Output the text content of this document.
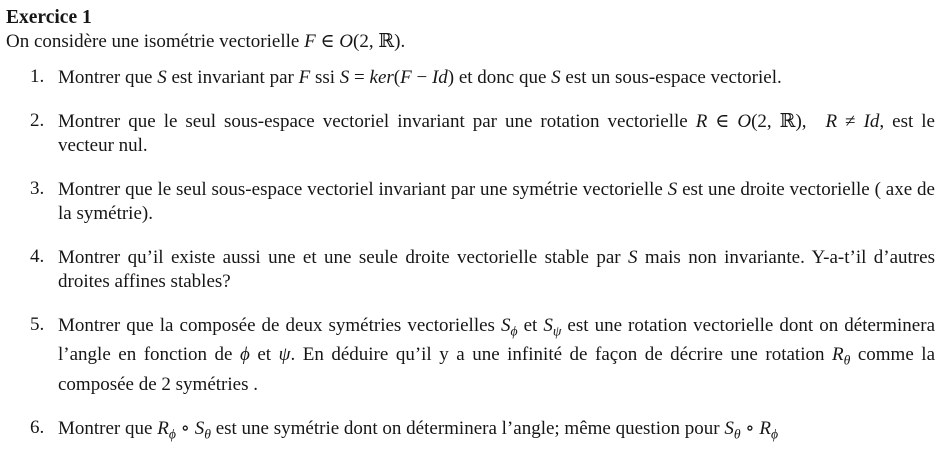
Exercice 1
On considère une isométrie vectorielle F ∈ O(2, ℝ).
1. Montrer que S est invariant par F ssi S = ker(F − Id) et donc que S est un sous-espace vectoriel.
2. Montrer que le seul sous-espace vectoriel invariant par une rotation vectorielle R ∈ O(2, ℝ),  R ≠ Id, est le vecteur nul.
3. Montrer que le seul sous-espace vectoriel invariant par une symétrie vectorielle S est une droite vectorielle ( axe de la symétrie).
4. Montrer qu’il existe aussi une et une seule droite vectorielle stable par S mais non invariante. Y-a-t’il d’autres droites affines stables?
5. Montrer que la composée de deux symétries vectorielles $S_\phi$ et $S_\psi$ est une rotation vectorielle dont on déterminera l’angle en fonction de ϕ et ψ. En déduire qu’il y a une infinité de façon de décrire une rotation $R_\theta$ comme la composée de 2 symétries .
6. Montrer que $R_\phi$ ∘ $S_\theta$ est une symétrie dont on déterminera l’angle; même question pour $S_\theta$ ∘ $R_\phi$
